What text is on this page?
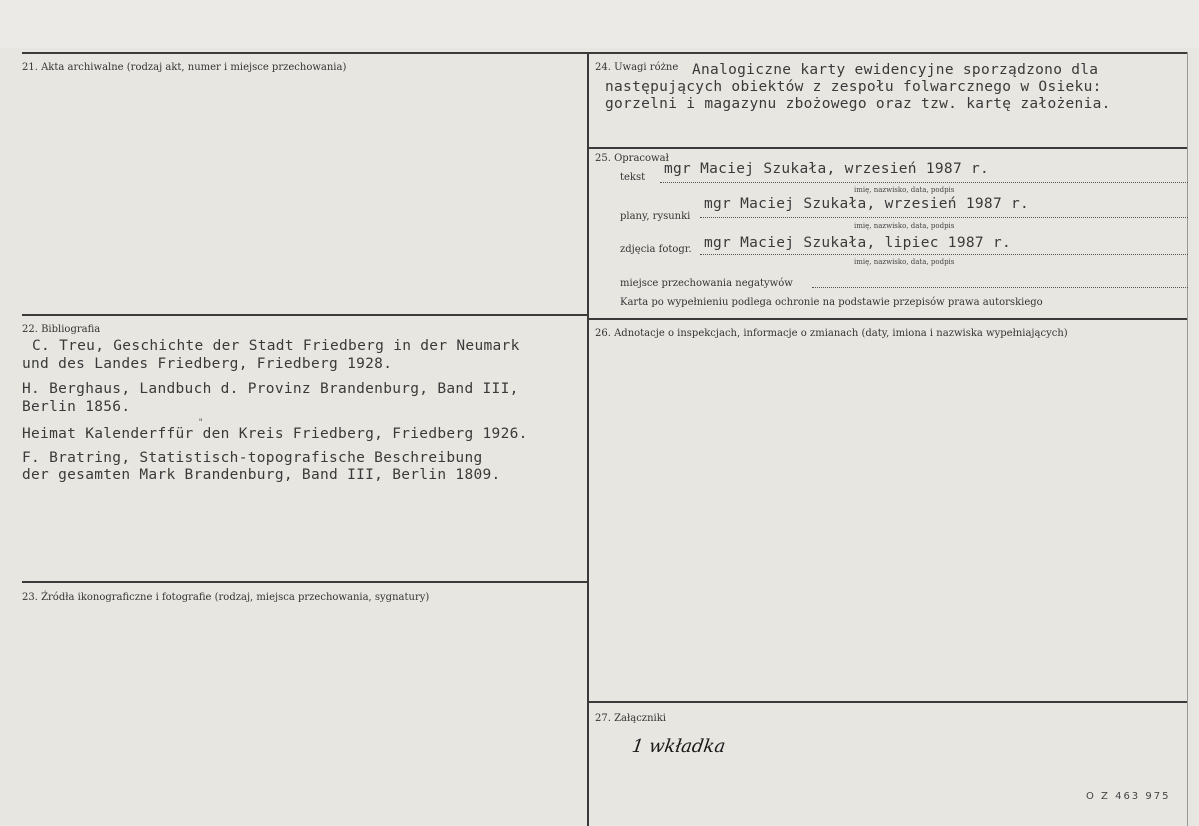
21. Akta archiwalne (rodzaj akt, numer i miejsce przechowania)
22. Bibliografia
C. Treu, Geschichte der Stadt Friedberg in der Neumark
und des Landes Friedberg, Friedberg 1928.
H. Berghaus, Landbuch d. Provinz Brandenburg, Band III,
Berlin 1856.
"
Heimat Kalenderffür den Kreis Friedberg, Friedberg 1926.
F. Bratring, Statistisch-topografische Beschreibung
der gesamten Mark Brandenburg, Band III, Berlin 1809.
23. Źródła ikonograficzne i fotografie (rodzaj, miejsca przechowania, sygnatury)
24. Uwagi różne Analogiczne karty ewidencyjne sporządzono dla
następujących obiektów z zespołu folwarcznego w Osieku:
gorzelni i magazynu zbożowego oraz tzw. kartę założenia.
25. Opracował
tekst
mgr Maciej Szukała, wrzesień 1987 r.
imię, nazwisko, data, podpis
plany, rysunki
mgr Maciej Szukała, wrzesień 1987 r.
imię, nazwisko, data, podpis
zdjęcia fotogr. mgr Maciej Szukała, lipiec 1987 r.
imię, nazwisko, data, podpis
miejsce przechowania negatywów
Karta po wypełnieniu podlega ochronie na podstawie przepisów prawa autorskiego
26. Adnotacje o inspekcjach, informacje o zmianach (daty, imiona i nazwiska wypełniających)
27. Załączniki
1 wkładka
O Z 463 975
